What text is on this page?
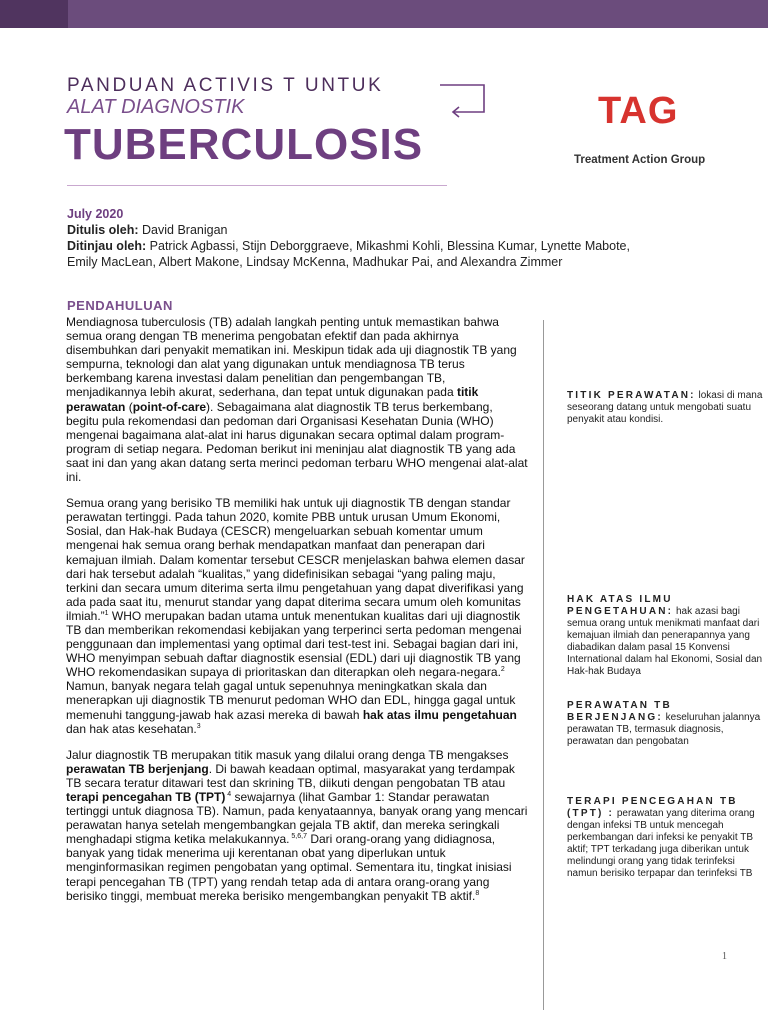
PANDUAN ACTIVIS T UNTUK
ALAT DIAGNOSTIK
TUBERCULOSIS
TAG
Treatment Action Group
July 2020
Ditulis oleh: David Branigan
Ditinjau oleh: Patrick Agbassi, Stijn Deborggraeve, Mikashmi Kohli, Blessina Kumar, Lynette Mabote,
Emily MacLean, Albert Makone, Lindsay McKenna, Madhukar Pai, and Alexandra Zimmer
PENDAHULUAN

Mendiagnosa tuberculosis (TB) adalah langkah penting untuk memastikan bahwa semua orang dengan TB menerima pengobatan efektif dan pada akhirnya disembuhkan dari penyakit mematikan ini. Meskipun tidak ada uji diagnostik TB yang sempurna, teknologi dan alat yang digunakan untuk mendiagnosa TB terus berkembang karena investasi dalam penelitian dan pengembangan TB, menjadikannya lebih akurat, sederhana, dan tepat untuk digunakan pada titik perawatan (point-of-care). Sebagaimana alat diagnostik TB terus berkembang, begitu pula rekomendasi dan pedoman dari Organisasi Kesehatan Dunia (WHO) mengenai bagaimana alat-alat ini harus digunakan secara optimal dalam program-program di setiap negara. Pedoman berikut ini meninjau alat diagnostik TB yang ada saat ini dan yang akan datang serta merinci pedoman terbaru WHO mengenai alat-alat ini.

Semua orang yang berisiko TB memiliki hak untuk uji diagnostik TB dengan standar perawatan tertinggi. Pada tahun 2020, komite PBB untuk urusan Umum Ekonomi, Sosial, dan Hak-hak Budaya (CESCR) mengeluarkan sebuah komentar umum mengenai hak semua orang berhak mendapatkan manfaat dan penerapan dari kemajuan ilmiah. Dalam komentar tersebut CESCR menjelaskan bahwa elemen dasar dari hak tersebut adalah “kualitas,” yang didefinisikan sebagai “yang paling maju, terkini dan secara umum diterima serta ilmu pengetahuan yang dapat diverifikasi yang ada pada saat itu, menurut standar yang dapat diterima secara umum oleh komunitas ilmiah.”$^1$ WHO merupakan badan utama untuk menentukan kualitas dari uji diagnostik TB dan memberikan rekomendasi kebijakan yang terperinci serta pedoman mengenai penggunaan dan implementasi yang optimal dari test-test ini. Sebagai bagian dari ini, WHO menyimpan sebuah daftar diagnostik esensial (EDL) dari uji diagnostik TB yang WHO rekomendasikan supaya di prioritaskan dan diterapkan oleh negara-negara.$^2$ Namun, banyak negara telah gagal untuk sepenuhnya meningkatkan skala dan menerapkan uji diagnostik TB menurut pedoman WHO dan EDL, hingga gagal untuk memenuhi tanggung-jawab hak azasi mereka di bawah hak atas ilmu pengetahuan dan hak atas kesehatan.$^3$

Jalur diagnostik TB merupakan titik masuk yang dilalui orang denga TB mengakses perawatan TB berjenjang. Di bawah keadaan optimal, masyarakat yang terdampak TB secara teratur ditawari test dan skrining TB, diikuti dengan pengobatan TB atau terapi pencegahan TB (TPT) $^4$ sewajarnya (lihat Gambar 1: Standar perawatan tertinggi untuk diagnosa TB). Namun, pada kenyataannya, banyak orang yang mencari perawatan hanya setelah mengembangkan gejala TB aktif, dan mereka seringkali menghadapi stigma ketika melakukannya. $^{5,6,7}$ Dari orang-orang yang didiagnosa, banyak yang tidak menerima uji kerentanan obat yang diperlukan untuk menginformasikan regimen pengobatan yang optimal. Sementara itu, tingkat inisiasi terapi pencegahan TB (TPT) yang rendah tetap ada di antara orang-orang yang berisiko tinggi, membuat mereka berisiko mengembangkan penyakit TB aktif.$^8$

TITIK PERAWATAN: lokasi di mana seseorang datang untuk mengobati suatu penyakit atau kondisi.
HAK ATAS ILMU PENGETAHUAN: hak azasi bagi semua orang untuk menikmati manfaat dari kemajuan ilmiah dan penerapannya yang diabadikan dalam pasal 15 Konvensi International dalam hal Ekonomi, Sosial dan Hak-hak Budaya
PERAWATAN TB BERJENJANG: keseluruhan jalannya perawatan TB, termasuk diagnosis, perawatan dan pengobatan
TERAPI PENCEGAHAN TB (TPT) : perawatan yang diterima orang dengan infeksi TB untuk mencegah perkembangan dari infeksi ke penyakit TB aktif; TPT terkadang juga diberikan untuk melindungi orang yang tidak terinfeksi namun berisiko terpapar dan terinfeksi TB
1
